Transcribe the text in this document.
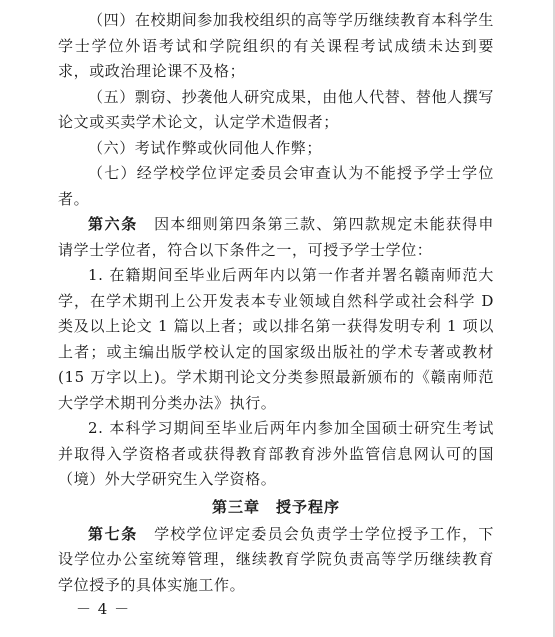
（四）在校期间参加我校组织的高等学历继续教育本科学生学士学位外语考试和学院组织的有关课程考试成绩未达到要求，或政治理论课不及格；

（五）剽窃、抄袭他人研究成果，由他人代替、替他人撰写论文或买卖学术论文，认定学术造假者；

（六）考试作弊或伙同他人作弊；

（七）经学校学位评定委员会审查认为不能授予学士学位者。

第六条　因本细则第四条第三款、第四款规定未能获得申请学士学位者，符合以下条件之一，可授予学士学位：

1. 在籍期间至毕业后两年内以第一作者并署名赣南师范大学，在学术期刊上公开发表本专业领域自然科学或社会科学 D 类及以上论文 1 篇以上者；或以排名第一获得发明专利 1 项以上者；或主编出版学校认定的国家级出版社的学术专著或教材(15 万字以上)。学术期刊论文分类参照最新颁布的《赣南师范大学学术期刊分类办法》执行。

2. 本科学习期间至毕业后两年内参加全国硕士研究生考试并取得入学资格者或获得教育部教育涉外监管信息网认可的国（境）外大学研究生入学资格。

第三章　授予程序

第七条　学校学位评定委员会负责学士学位授予工作，下设学位办公室统筹管理，继续教育学院负责高等学历继续教育学位授予的具体实施工作。

－ 4 －
